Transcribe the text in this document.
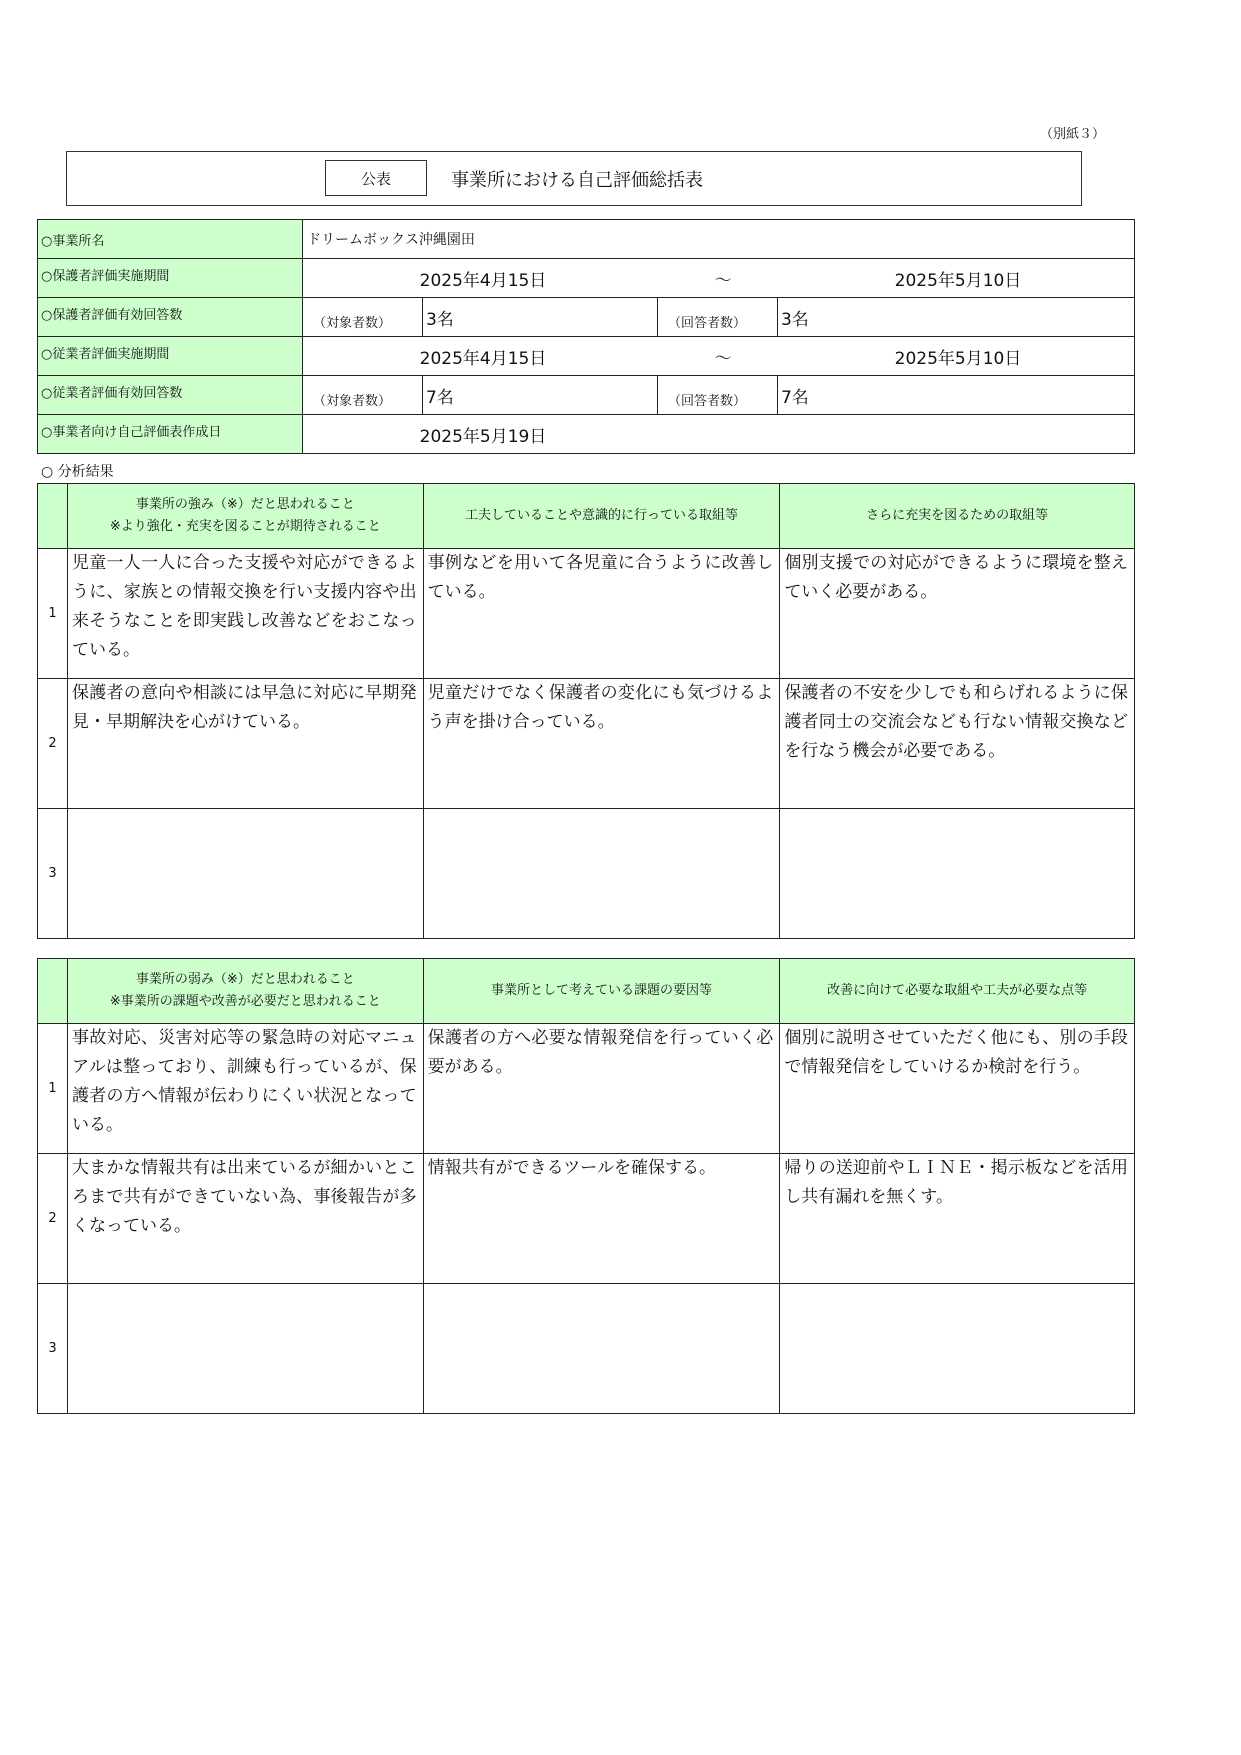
（別紙３）
公表	事業所における自己評価総括表
○事業所名	ドリームボックス沖縄園田			
○保護者評価実施期間	2025年4月15日 ～ 2025年5月10日			

○保護者評価有効回答数	（対象者数）	3名	（回答者数）	3名
○従業者評価実施期間	2025年4月15日 ～ 2025年5月10日			

○従業者評価有効回答数	（対象者数）	7名	（回答者数）	7名
○事業者向け自己評価表作成日	2025年5月19日			
○ 分析結果

	事業所の強み（※）だと思われること
※より強化・充実を図ることが期待されること	工夫していることや意識的に行っている取組等	さらに充実を図るための取組等
1	児童一人一人に合った支援や対応ができるように、家族との情報交換を行い支援内容や出来そうなことを即実践し改善などをおこなっている。	事例などを用いて各児童に合うように改善している。	個別支援での対応ができるように環境を整えていく必要がある。
2	保護者の意向や相談には早急に対応に早期発見・早期解決を心がけている。	児童だけでなく保護者の変化にも気づけるよう声を掛け合っている。	保護者の不安を少しでも和らげれるように保護者同士の交流会なども行ない情報交換などを行なう機会が必要である。
3			

	事業所の弱み（※）だと思われること
※事業所の課題や改善が必要だと思われること	事業所として考えている課題の要因等	改善に向けて必要な取組や工夫が必要な点等
1	事故対応、災害対応等の緊急時の対応マニュアルは整っており、訓練も行っているが、保護者の方へ情報が伝わりにくい状況となっている。	保護者の方へ必要な情報発信を行っていく必要がある。	個別に説明させていただく他にも、別の手段で情報発信をしていけるか検討を行う。
2	大まかな情報共有は出来ているが細かいところまで共有ができていない為、事後報告が多くなっている。	情報共有ができるツールを確保する。	帰りの送迎前やＬＩＮＥ・掲示板などを活用し共有漏れを無くす。
3			
